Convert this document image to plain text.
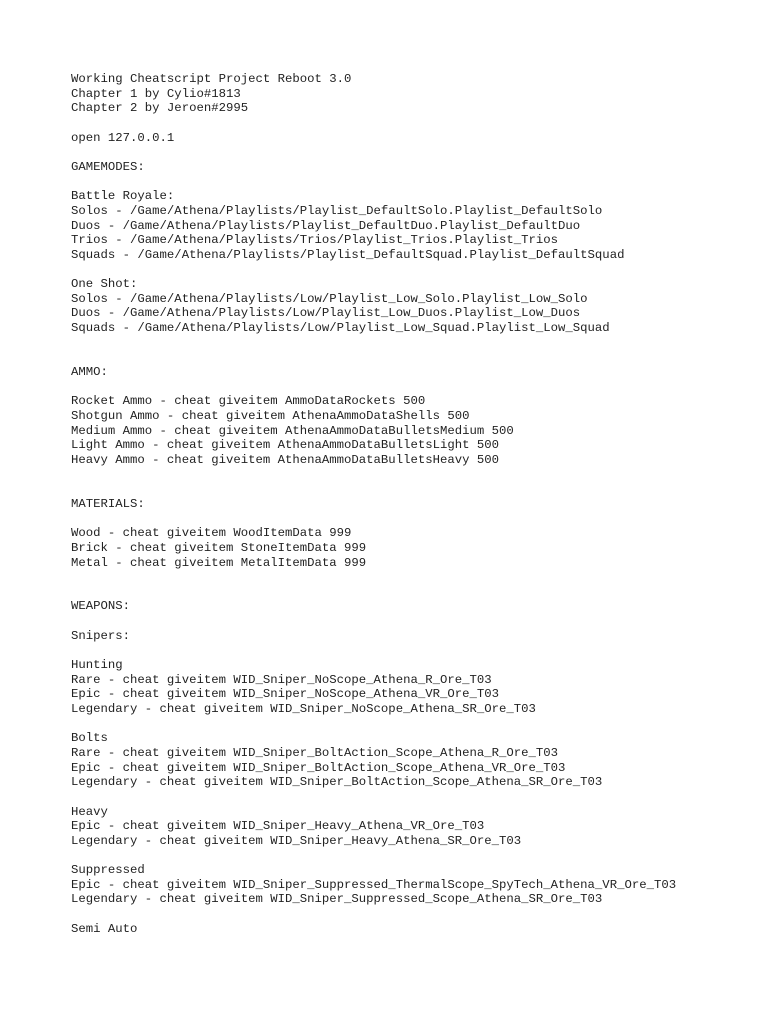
Working Cheatscript Project Reboot 3.0
Chapter 1 by Cylio#1813
Chapter 2 by Jeroen#2995
open 127.0.0.1
GAMEMODES:
Battle Royale:
Solos - /Game/Athena/Playlists/Playlist_DefaultSolo.Playlist_DefaultSolo
Duos - /Game/Athena/Playlists/Playlist_DefaultDuo.Playlist_DefaultDuo
Trios - /Game/Athena/Playlists/Trios/Playlist_Trios.Playlist_Trios
Squads - /Game/Athena/Playlists/Playlist_DefaultSquad.Playlist_DefaultSquad
One Shot:
Solos - /Game/Athena/Playlists/Low/Playlist_Low_Solo.Playlist_Low_Solo
Duos - /Game/Athena/Playlists/Low/Playlist_Low_Duos.Playlist_Low_Duos
Squads - /Game/Athena/Playlists/Low/Playlist_Low_Squad.Playlist_Low_Squad
AMMO:
Rocket Ammo - cheat giveitem AmmoDataRockets 500
Shotgun Ammo - cheat giveitem AthenaAmmoDataShells 500
Medium Ammo - cheat giveitem AthenaAmmoDataBulletsMedium 500
Light Ammo - cheat giveitem AthenaAmmoDataBulletsLight 500
Heavy Ammo - cheat giveitem AthenaAmmoDataBulletsHeavy 500
MATERIALS:
Wood - cheat giveitem WoodItemData 999
Brick - cheat giveitem StoneItemData 999
Metal - cheat giveitem MetalItemData 999
WEAPONS:
Snipers:
Hunting
Rare - cheat giveitem WID_Sniper_NoScope_Athena_R_Ore_T03
Epic - cheat giveitem WID_Sniper_NoScope_Athena_VR_Ore_T03
Legendary - cheat giveitem WID_Sniper_NoScope_Athena_SR_Ore_T03
Bolts
Rare - cheat giveitem WID_Sniper_BoltAction_Scope_Athena_R_Ore_T03
Epic - cheat giveitem WID_Sniper_BoltAction_Scope_Athena_VR_Ore_T03
Legendary - cheat giveitem WID_Sniper_BoltAction_Scope_Athena_SR_Ore_T03
Heavy
Epic - cheat giveitem WID_Sniper_Heavy_Athena_VR_Ore_T03
Legendary - cheat giveitem WID_Sniper_Heavy_Athena_SR_Ore_T03
Suppressed
Epic - cheat giveitem WID_Sniper_Suppressed_ThermalScope_SpyTech_Athena_VR_Ore_T03
Legendary - cheat giveitem WID_Sniper_Suppressed_Scope_Athena_SR_Ore_T03
Semi Auto
